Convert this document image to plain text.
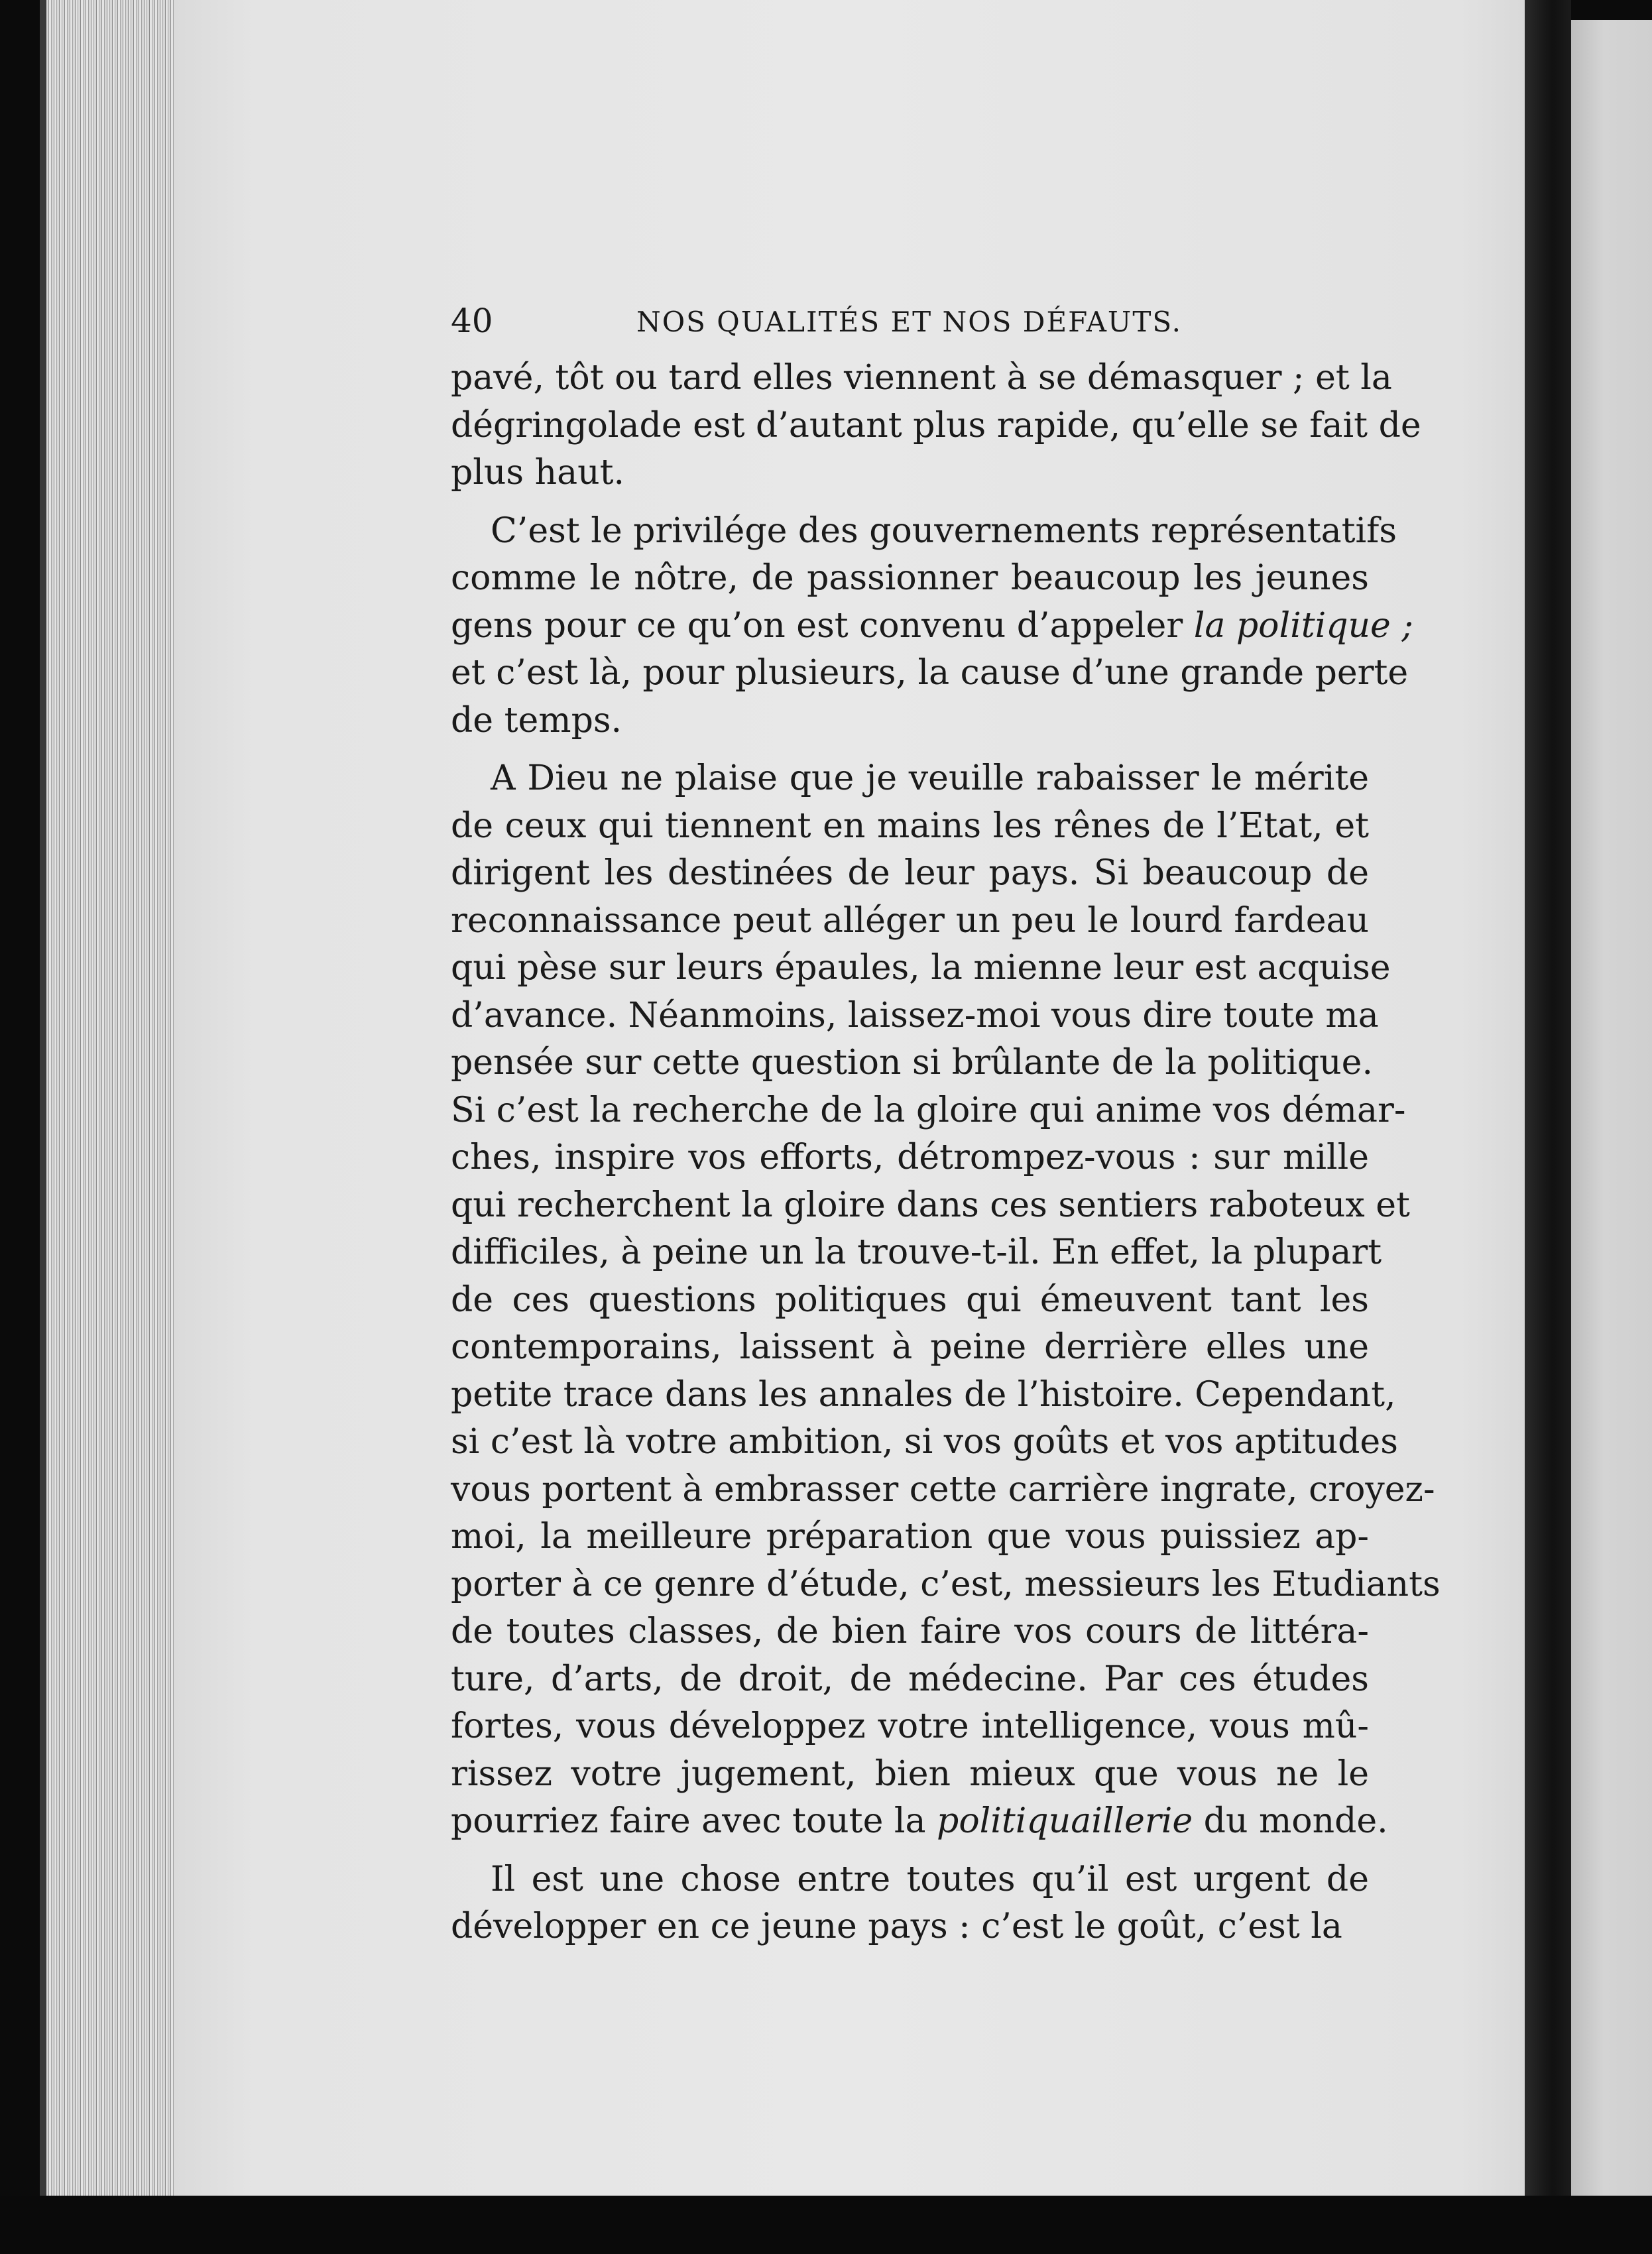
40	NOS QUALITÉS ET NOS DÉFAUTS.
pavé, tôt ou tard elles viennent à se démasquer ; et la
dégringolade est d’autant plus rapide, qu’elle se fait de
plus haut.
C’est le privilége des gouvernements représentatifs
comme le nôtre, de passionner beaucoup les jeunes
gens pour ce qu’on est convenu d’appeler la politique ;
et c’est là, pour plusieurs, la cause d’une grande perte
de temps.
A Dieu ne plaise que je veuille rabaisser le mérite
de ceux qui tiennent en mains les rênes de l’Etat, et
dirigent les destinées de leur pays. Si beaucoup de
reconnaissance peut alléger un peu le lourd fardeau
qui pèse sur leurs épaules, la mienne leur est acquise
d’avance. Néanmoins, laissez-moi vous dire toute ma
pensée sur cette question si brûlante de la politique.
Si c’est la recherche de la gloire qui anime vos démar-
ches, inspire vos efforts, détrompez-vous : sur mille
qui recherchent la gloire dans ces sentiers raboteux et
difficiles, à peine un la trouve-t-il. En effet, la plupart
de ces questions politiques qui émeuvent tant les
contemporains, laissent à peine derrière elles une
petite trace dans les annales de l’histoire. Cependant,
si c’est là votre ambition, si vos goûts et vos aptitudes
vous portent à embrasser cette carrière ingrate, croyez-
moi, la meilleure préparation que vous puissiez ap-
porter à ce genre d’étude, c’est, messieurs les Etudiants
de toutes classes, de bien faire vos cours de littéra-
ture, d’arts, de droit, de médecine. Par ces études
fortes, vous développez votre intelligence, vous mû-
rissez votre jugement, bien mieux que vous ne le
pourriez faire avec toute la politiquaillerie du monde.
Il est une chose entre toutes qu’il est urgent de
développer en ce jeune pays : c’est le goût, c’est la
